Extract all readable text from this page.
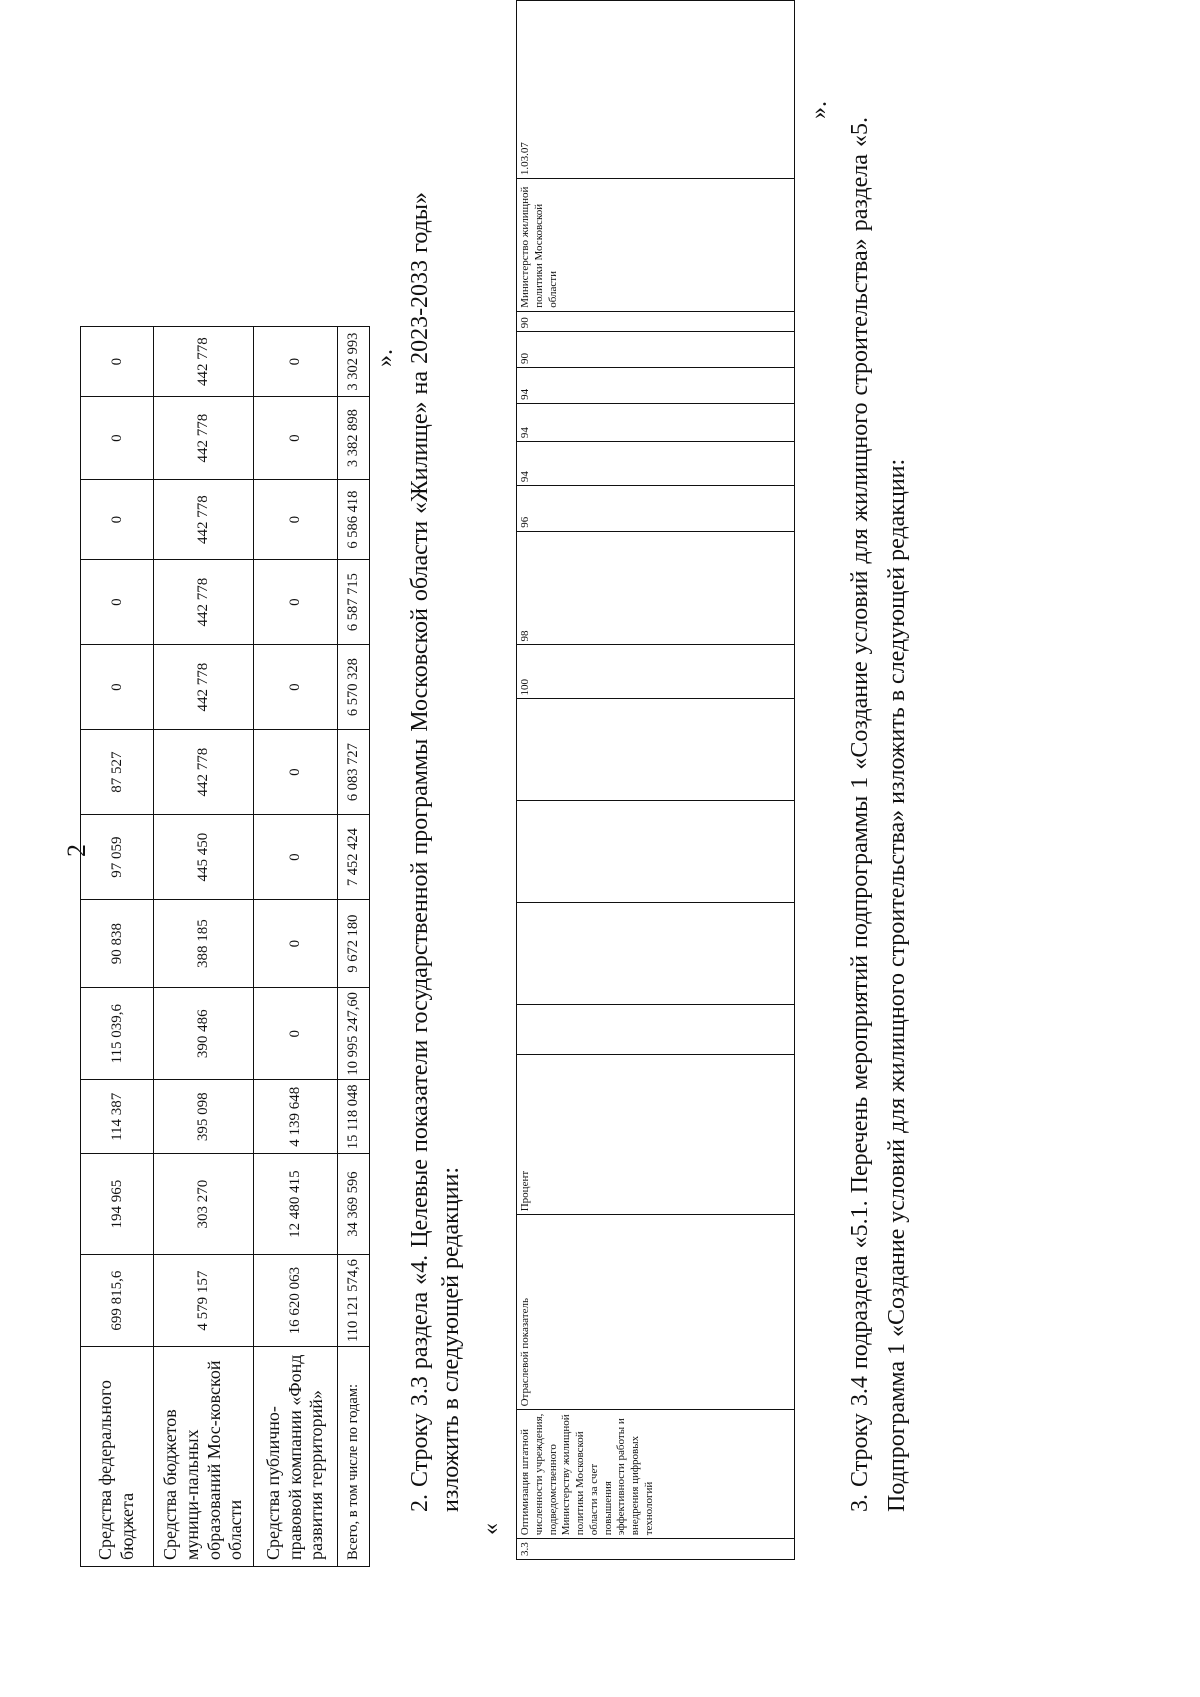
2
Средства федерального бюджета	699 815,6	194 965	114 387	115 039,6	90 838	97 059	87 527	0	0	0	0	0
Средства бюджетов муници-пальных образований Мос-ковской области	4 579 157	303 270	395 098	390 486	388 185	445 450	442 778	442 778	442 778	442 778	442 778	442 778
Средства публично-правовой компании «Фонд развития территорий»	16 620 063	12 480 415	4 139 648	0	0	0	0	0	0	0	0	0
Всего, в том числе по годам:	110 121 574,6	34 369 596	15 118 048	10 995 247,60	9 672 180	7 452 424	6 083 727	6 570 328	6 587 715	6 586 418	3 382 898	3 302 993 ». 2. Строку 3.3 раздела «4. Целевые показатели государственной программы Московской области «Жилище» на 2023-2033 годы» изложить в следующей редакции:
«
3.3	Оптимизация штатной численности учреждения, подведомственного Министерству жилищной политики Московской области за счет повышения эффективности работы и внедрения цифровых технологий	Отраслевой показатель	Процент					100	98	96	94	94	94	90	90	Министерство жилищной политики Московской области	1.03.07
».
3. Строку 3.4 подраздела «5.1. Перечень мероприятий подпрограммы 1 «Создание условий для жилищного строительства» раздела «5. Подпрограмма 1 «Создание условий для жилищного строительства» изложить в следующей редакции:
